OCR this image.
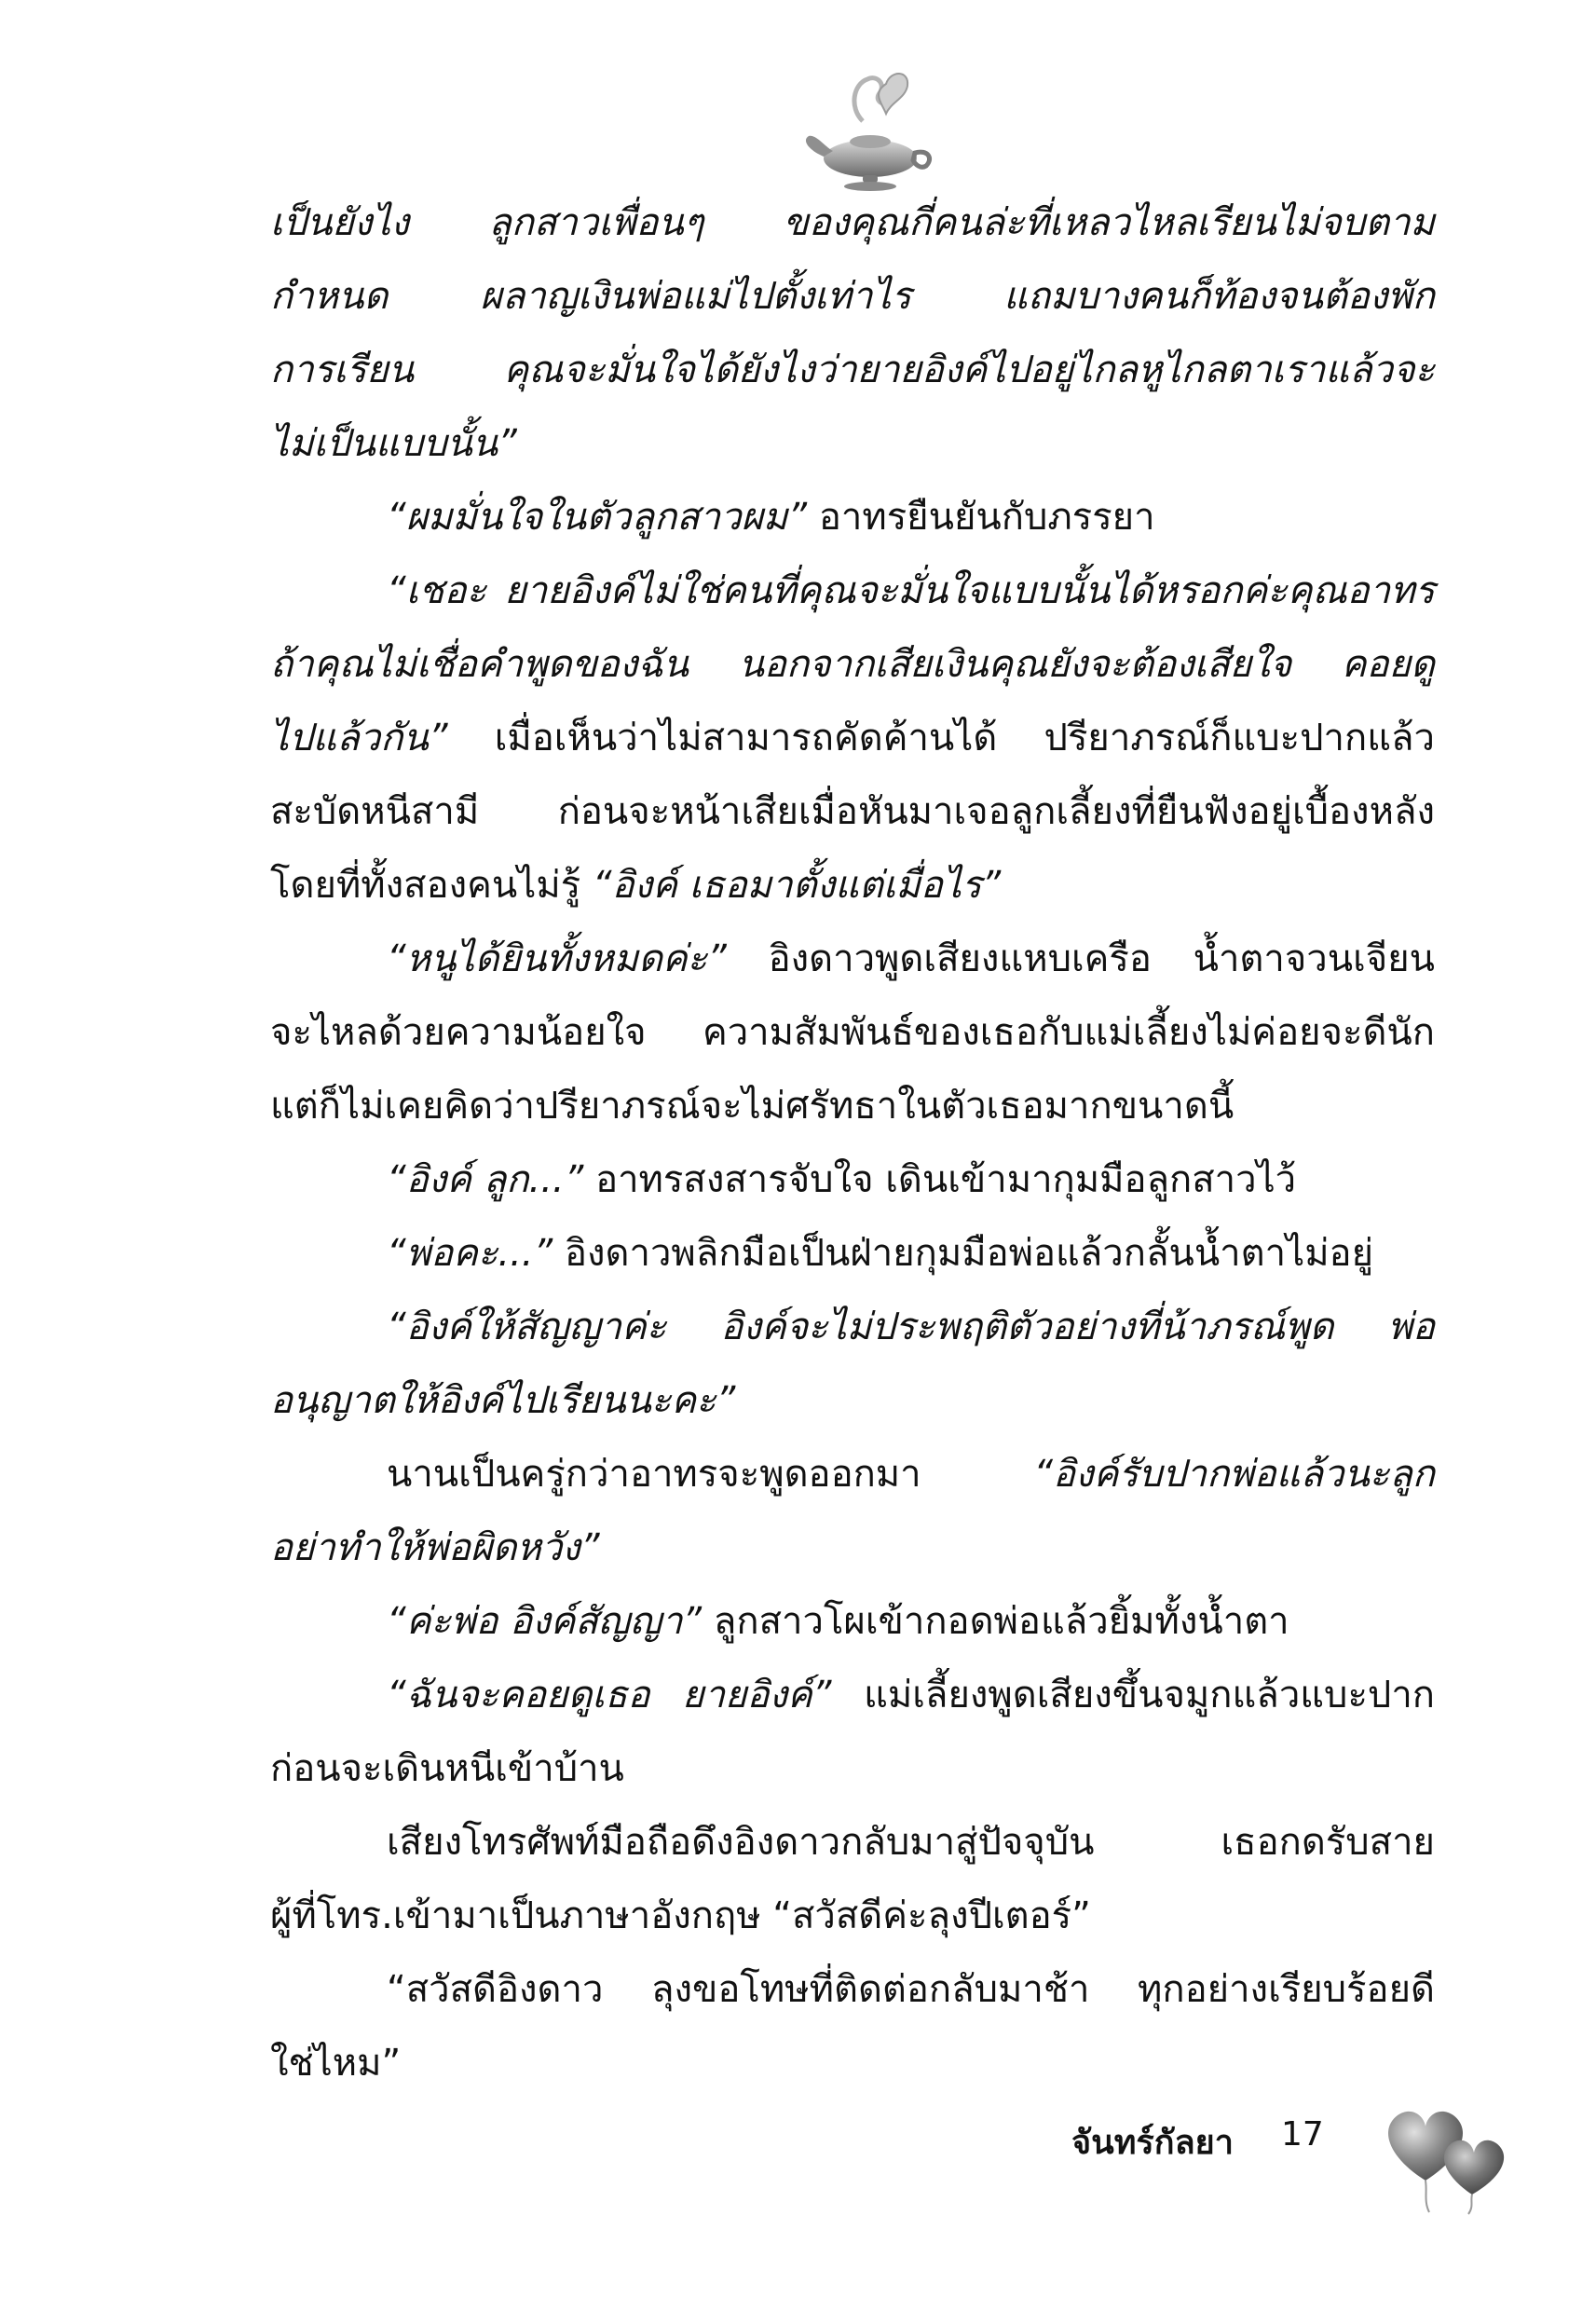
เป็นยังไง ลูกสาวเพื่อนๆ ของคุณกี่คนล่ะที่เหลวไหลเรียนไม่จบตาม
กำหนด ผลาญเงินพ่อแม่ไปตั้งเท่าไร แถมบางคนก็ท้องจนต้องพัก
การเรียน คุณจะมั่นใจได้ยังไงว่ายายอิงค์ไปอยู่ไกลหูไกลตาเราแล้วจะ
ไม่เป็นแบบนั้น”
“ผมมั่นใจในตัวลูกสาวผม” อาทรยืนยันกับภรรยา
“เชอะ ยายอิงค์ไม่ใช่คนที่คุณจะมั่นใจแบบนั้นได้หรอกค่ะคุณอาทร
ถ้าคุณไม่เชื่อคำพูดของฉัน นอกจากเสียเงินคุณยังจะต้องเสียใจ คอยดู
ไปแล้วกัน” เมื่อเห็นว่าไม่สามารถคัดค้านได้ ปรียาภรณ์ก็แบะปากแล้ว
สะบัดหนีสามี ก่อนจะหน้าเสียเมื่อหันมาเจอลูกเลี้ยงที่ยืนฟังอยู่เบื้องหลัง
โดยที่ทั้งสองคนไม่รู้ “อิงค์ เธอมาตั้งแต่เมื่อไร”
“หนูได้ยินทั้งหมดค่ะ” อิงดาวพูดเสียงแหบเครือ น้ำตาจวนเจียน
จะไหลด้วยความน้อยใจ ความสัมพันธ์ของเธอกับแม่เลี้ยงไม่ค่อยจะดีนัก
แต่ก็ไม่เคยคิดว่าปรียาภรณ์จะไม่ศรัทธาในตัวเธอมากขนาดนี้
“อิงค์ ลูก...” อาทรสงสารจับใจ เดินเข้ามากุมมือลูกสาวไว้
“พ่อคะ...” อิงดาวพลิกมือเป็นฝ่ายกุมมือพ่อแล้วกลั้นน้ำตาไม่อยู่
“อิงค์ให้สัญญาค่ะ อิงค์จะไม่ประพฤติตัวอย่างที่น้าภรณ์พูด พ่อ
อนุญาตให้อิงค์ไปเรียนนะคะ”
นานเป็นครู่กว่าอาทรจะพูดออกมา	“อิงค์รับปากพ่อแล้วนะลูก
อย่าทำให้พ่อผิดหวัง”
“ค่ะพ่อ อิงค์สัญญา” ลูกสาวโผเข้ากอดพ่อแล้วยิ้มทั้งน้ำตา
“ฉันจะคอยดูเธอ ยายอิงค์” แม่เลี้ยงพูดเสียงขึ้นจมูกแล้วแบะปาก
ก่อนจะเดินหนีเข้าบ้าน
เสียงโทรศัพท์มือถือดึงอิงดาวกลับมาสู่ปัจจุบัน	เธอกดรับสาย
ผู้ที่โทร.เข้ามาเป็นภาษาอังกฤษ “สวัสดีค่ะลุงปีเตอร์”
“สวัสดีอิงดาว ลุงขอโทษที่ติดต่อกลับมาช้า ทุกอย่างเรียบร้อยดี
ใช่ไหม”
จันทร์กัลยา 17
